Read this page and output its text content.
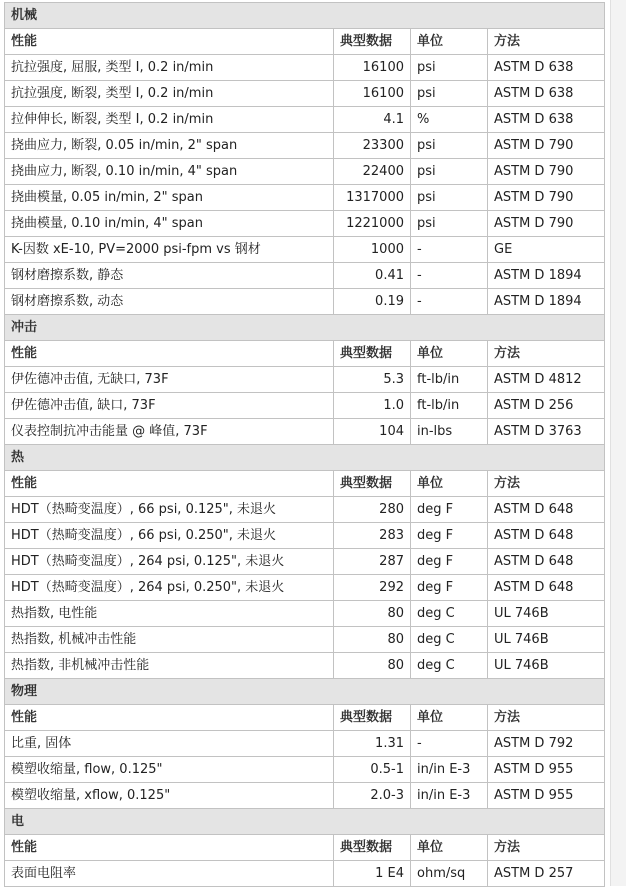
机械			
性能	典型数据	单位	方法
抗拉强度, 屈服, 类型 I, 0.2 in/min	16100	psi	ASTM D 638
抗拉强度, 断裂, 类型 I, 0.2 in/min	16100	psi	ASTM D 638
拉伸伸长, 断裂, 类型 I, 0.2 in/min	4.1	%	ASTM D 638
挠曲应力, 断裂, 0.05 in/min, 2" span	23300	psi	ASTM D 790
挠曲应力, 断裂, 0.10 in/min, 4" span	22400	psi	ASTM D 790
挠曲模量, 0.05 in/min, 2" span	1317000	psi	ASTM D 790
挠曲模量, 0.10 in/min, 4" span	1221000	psi	ASTM D 790
K-因数 xE-10, PV=2000 psi-fpm vs 钢材	1000	-	GE
钢材磨擦系数, 静态	0.41	-	ASTM D 1894
钢材磨擦系数, 动态	0.19	-	ASTM D 1894
冲击			
性能	典型数据	单位	方法
伊佐德冲击值, 无缺口, 73F	5.3	ft-lb/in	ASTM D 4812
伊佐德冲击值, 缺口, 73F	1.0	ft-lb/in	ASTM D 256
仪表控制抗冲击能量 @ 峰值, 73F	104	in-lbs	ASTM D 3763
热			
性能	典型数据	单位	方法
HDT（热畸变温度）, 66 psi, 0.125", 未退火	280	deg F	ASTM D 648
HDT（热畸变温度）, 66 psi, 0.250", 未退火	283	deg F	ASTM D 648
HDT（热畸变温度）, 264 psi, 0.125", 未退火	287	deg F	ASTM D 648
HDT（热畸变温度）, 264 psi, 0.250", 未退火	292	deg F	ASTM D 648
热指数, 电性能	80	deg C	UL 746B
热指数, 机械冲击性能	80	deg C	UL 746B
热指数, 非机械冲击性能	80	deg C	UL 746B
物理			
性能	典型数据	单位	方法
比重, 固体	1.31	-	ASTM D 792
模塑收缩量, flow, 0.125"	0.5-1	in/in E-3	ASTM D 955
模塑收缩量, xflow, 0.125"	2.0-3	in/in E-3	ASTM D 955
电			
性能	典型数据	单位	方法
表面电阻率	1 E4	ohm/sq	ASTM D 257
